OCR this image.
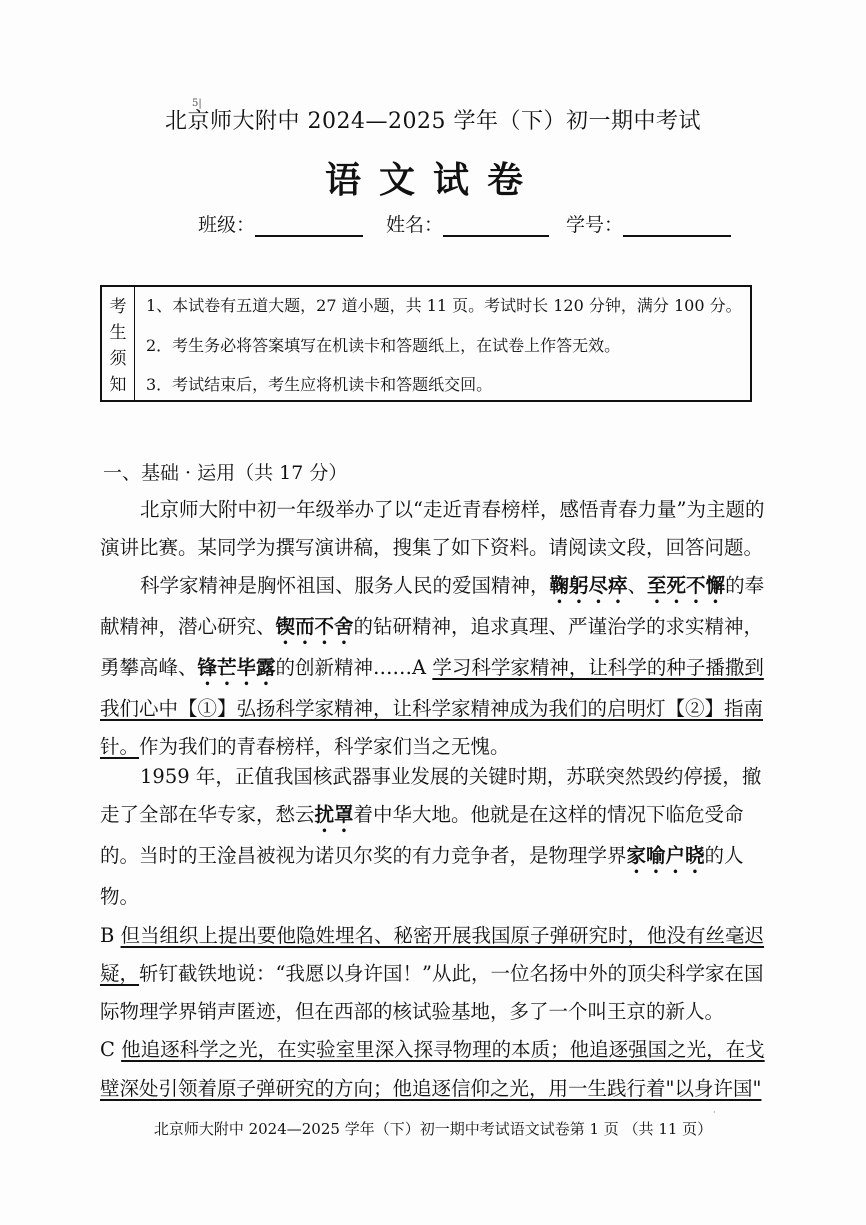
5|
北京师大附中 2024—2025 学年（下）初一期中考试
语文试卷
班级：	姓名：	学号：
考
生
须
知
1、本试卷有五道大题，27 道小题，共 11 页。考试时长 120 分钟，满分 100 分。
2．考生务必将答案填写在机读卡和答题纸上，在试卷上作答无效。
3．考试结束后，考生应将机读卡和答题纸交回。
一、基础 · 运用（共 17 分）
北京师大附中初一年级举办了以“走近青春榜样，感悟青春力量”为主题的演讲比赛。某同学为撰写演讲稿，搜集了如下资料。请阅读文段，回答问题。
科学家精神是胸怀祖国、服务人民的爱国精神，鞠躬尽瘁、至死不懈的奉献精神，潜心研究、锲而不舍的钻研精神，追求真理、严谨治学的求实精神，勇攀高峰、锋芒毕露的创新精神……A 学习科学家精神，让科学的种子播撒到我们心中【①】弘扬科学家精神，让科学家精神成为我们的启明灯【②】指南针。作为我们的青春榜样，科学家们当之无愧。
1959 年，正值我国核武器事业发展的关键时期，苏联突然毁约停援，撤走了全部在华专家，愁云扰罩着中华大地。他就是在这样的情况下临危受命的。当时的王淦昌被视为诺贝尔奖的有力竞争者，是物理学界家喻户晓的人物。
B 但当组织上提出要他隐姓埋名、秘密开展我国原子弹研究时，他没有丝毫迟疑，斩钉截铁地说：“我愿以身许国！”从此，一位名扬中外的顶尖科学家在国际物理学界销声匿迹，但在西部的核试验基地，多了一个叫王京的新人。
C 他追逐科学之光，在实验室里深入探寻物理的本质；他追逐强国之光，在戈壁深处引领着原子弹研究的方向；他追逐信仰之光，用一生践行着"以身许国"
·
北京师大附中 2024—2025 学年（下）初一期中考试语文试卷第 1 页 （共 11 页）
